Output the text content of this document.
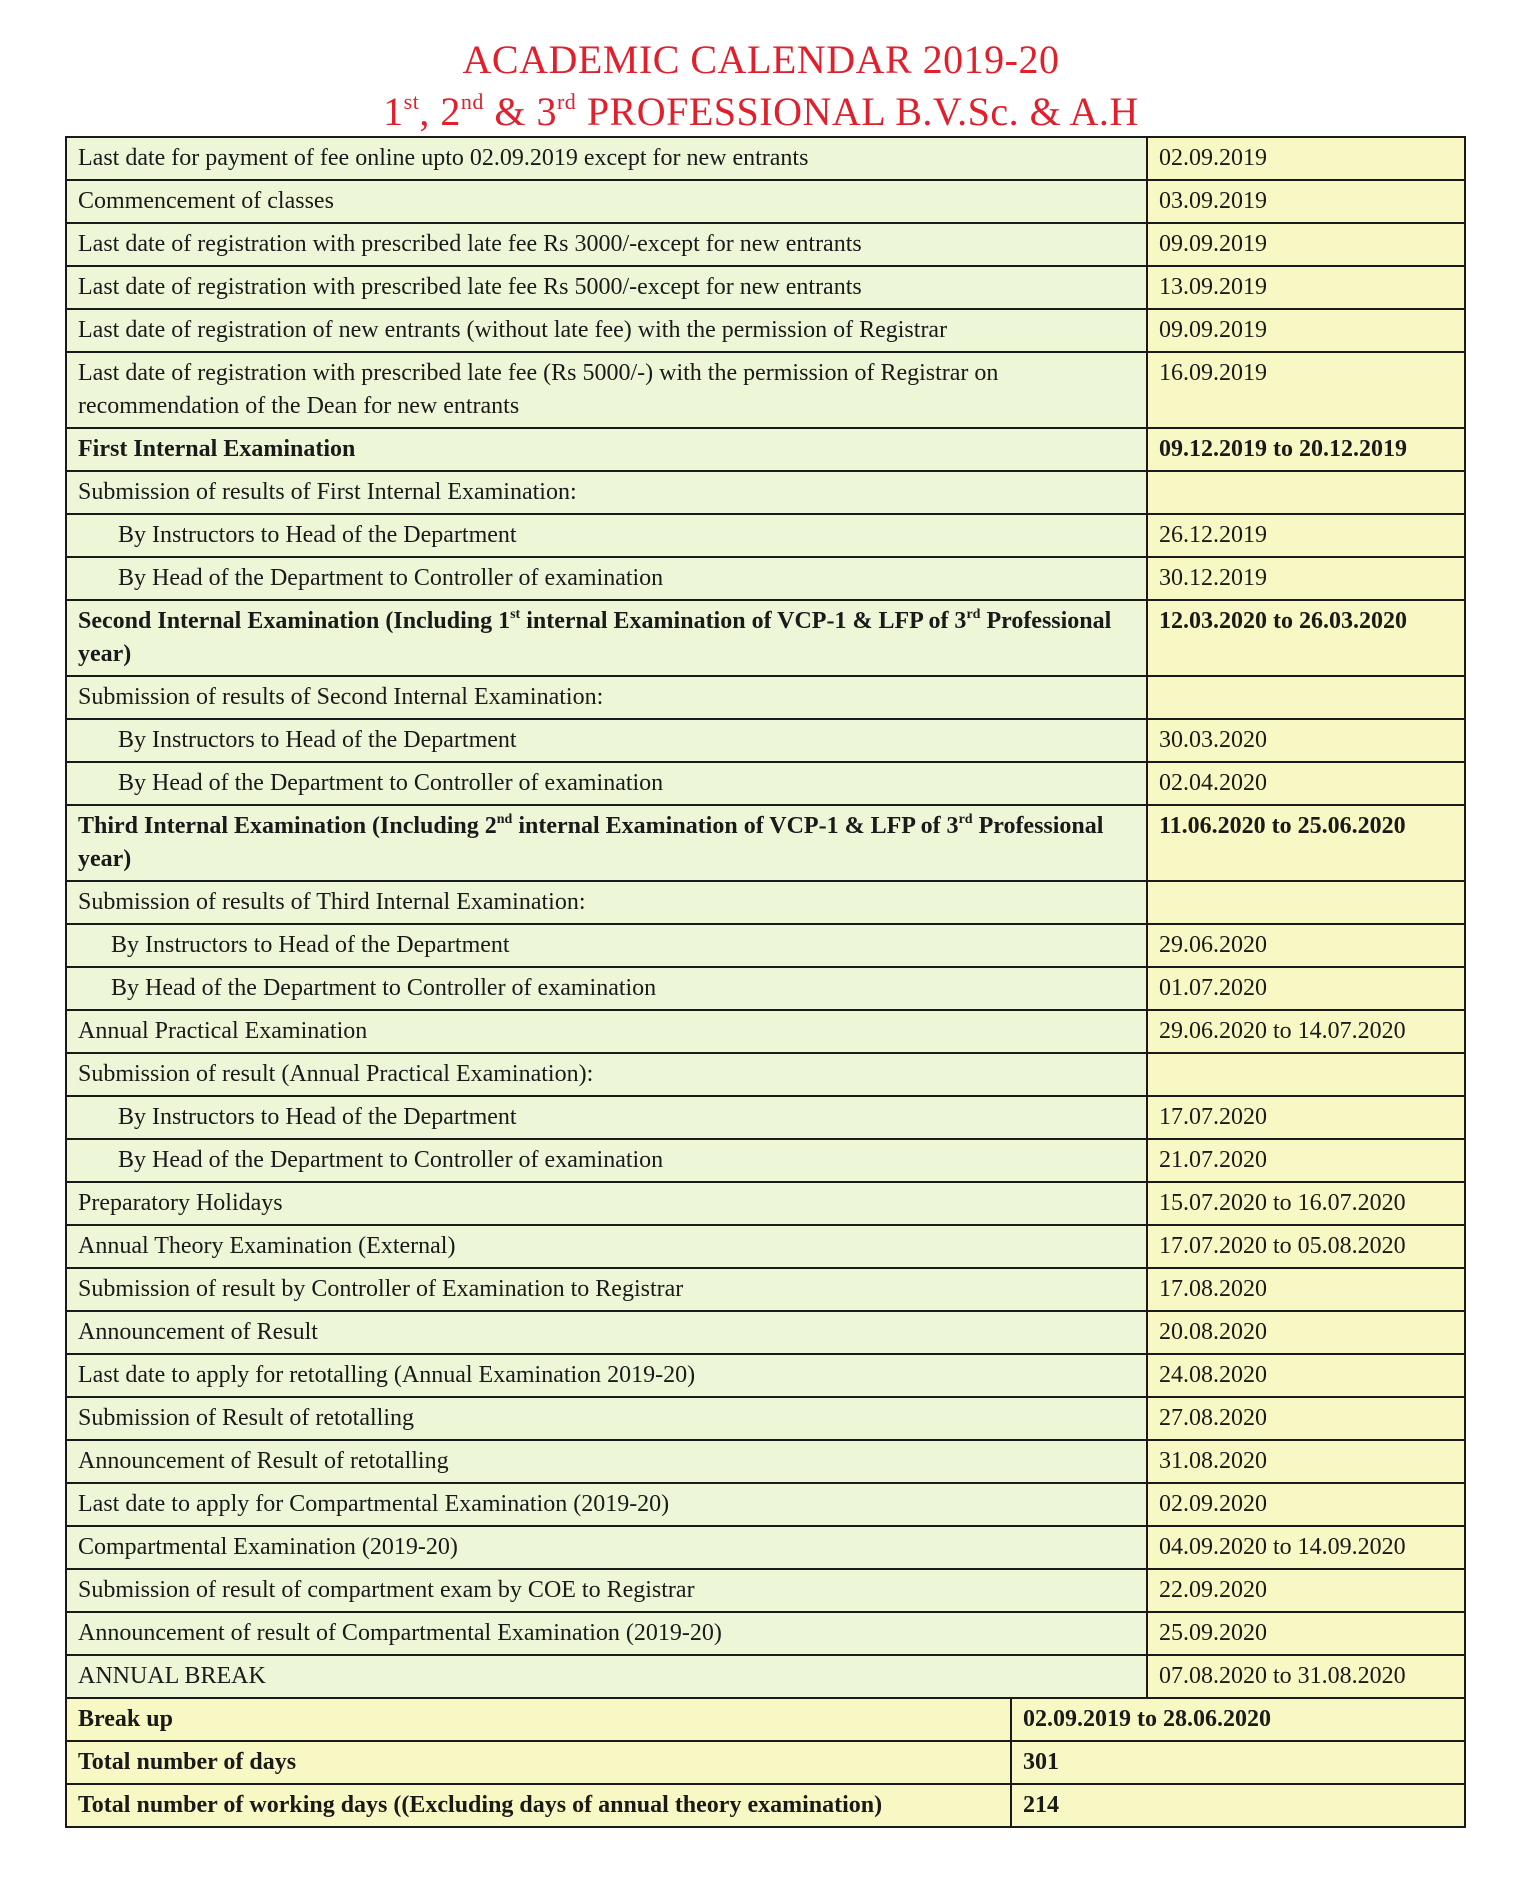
ACADEMIC CALENDAR 2019-20
1st, 2nd & 3rd PROFESSIONAL B.V.Sc. & A.H
Last date for payment of fee online upto 02.09.2019 except for new entrants	02.09.2019
Commencement of classes	03.09.2019
Last date of registration with prescribed late fee Rs 3000/-except for new entrants	09.09.2019
Last date of registration with prescribed late fee Rs 5000/-except for new entrants	13.09.2019
Last date of registration of new entrants (without late fee) with the permission of Registrar	09.09.2019
Last date of registration with prescribed late fee (Rs 5000/-) with the permission of Registrar on recommendation of the Dean for new entrants	16.09.2019
First Internal Examination	09.12.2019 to 20.12.2019
Submission of results of First Internal Examination:	
By Instructors to Head of the Department	26.12.2019
By Head of the Department to Controller of examination	30.12.2019
Second Internal Examination (Including 1st internal Examination of VCP-1 & LFP of 3rd Professional year)	12.03.2020 to 26.03.2020
Submission of results of Second Internal Examination:	
By Instructors to Head of the Department	30.03.2020
By Head of the Department to Controller of examination	02.04.2020
Third Internal Examination (Including 2nd internal Examination of VCP-1 & LFP of 3rd Professional year)	11.06.2020 to 25.06.2020
Submission of results of Third Internal Examination:	
By Instructors to Head of the Department	29.06.2020
By Head of the Department to Controller of examination	01.07.2020
Annual Practical Examination	29.06.2020 to 14.07.2020
Submission of result (Annual Practical Examination):	
By Instructors to Head of the Department	17.07.2020
By Head of the Department to Controller of examination	21.07.2020
Preparatory Holidays	15.07.2020 to 16.07.2020
Annual Theory Examination (External)	17.07.2020 to 05.08.2020
Submission of result by Controller of Examination to Registrar	17.08.2020
Announcement of Result	20.08.2020
Last date to apply for retotalling (Annual Examination 2019-20)	24.08.2020
Submission of Result of retotalling	27.08.2020
Announcement of Result of retotalling	31.08.2020
Last date to apply for Compartmental Examination (2019-20)	02.09.2020
Compartmental Examination (2019-20)	04.09.2020 to 14.09.2020
Submission of result of compartment exam by COE to Registrar	22.09.2020
Announcement of result of Compartmental Examination (2019-20)	25.09.2020
ANNUAL BREAK	07.08.2020 to 31.08.2020
Break up	02.09.2019 to 28.06.2020
Total number of days	301
Total number of working days ((Excluding days of annual theory examination)	214
